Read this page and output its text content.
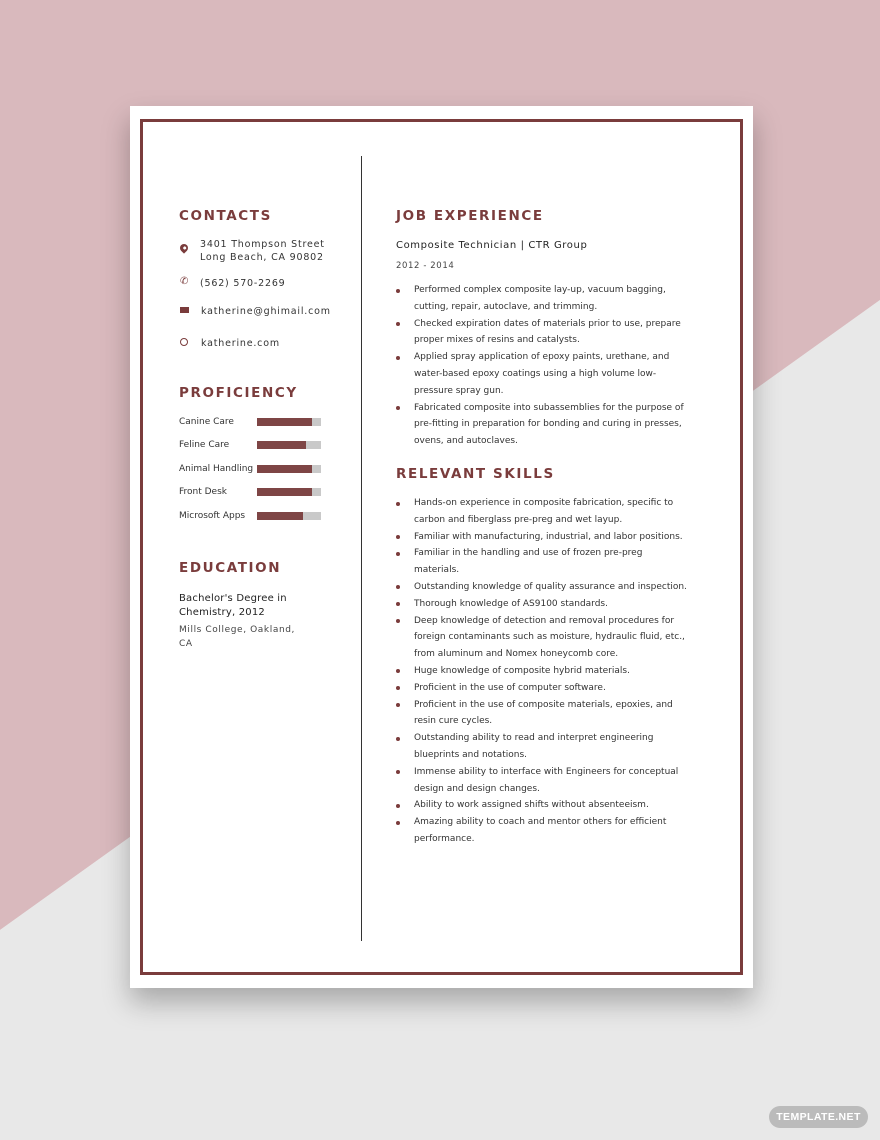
CONTACTS
3401 Thompson Street
Long Beach, CA 90802
✆ (562) 570-2269
katherine@ghimail.com
katherine.com
PROFICIENCY
EDUCATION
Bachelor's Degree in Chemistry, 2012
Mills College, Oakland, CA
JOB EXPERIENCE
Composite Technician | CTR Group
2012 - 2014
Performed complex composite lay-up, vacuum bagging, cutting, repair, autoclave, and trimming.
Checked expiration dates of materials prior to use, prepare proper mixes of resins and catalysts.
Applied spray application of epoxy paints, urethane, and water-based epoxy coatings using a high volume low-pressure spray gun.
Fabricated composite into subassemblies for the purpose of pre-fitting in preparation for bonding and curing in presses, ovens, and autoclaves.
RELEVANT SKILLS
Hands-on experience in composite fabrication, specific to carbon and fiberglass pre-preg and wet layup.
Familiar with manufacturing, industrial, and labor positions.
Familiar in the handling and use of frozen pre-preg materials.
Outstanding knowledge of quality assurance and inspection.
Thorough knowledge of AS9100 standards.
Deep knowledge of detection and removal procedures for foreign contaminants such as moisture, hydraulic fluid, etc., from aluminum and Nomex honeycomb core.
Huge knowledge of composite hybrid materials.
Proficient in the use of computer software.
Proficient in the use of composite materials, epoxies, and resin cure cycles.
Outstanding ability to read and interpret engineering blueprints and notations.
Immense ability to interface with Engineers for conceptual design and design changes.
Ability to work assigned shifts without absenteeism.
Amazing ability to coach and mentor others for efficient performance.
Canine Care
Feline Care
Animal Handling
Front Desk
Microsoft Apps
TEMPLATE.NET
